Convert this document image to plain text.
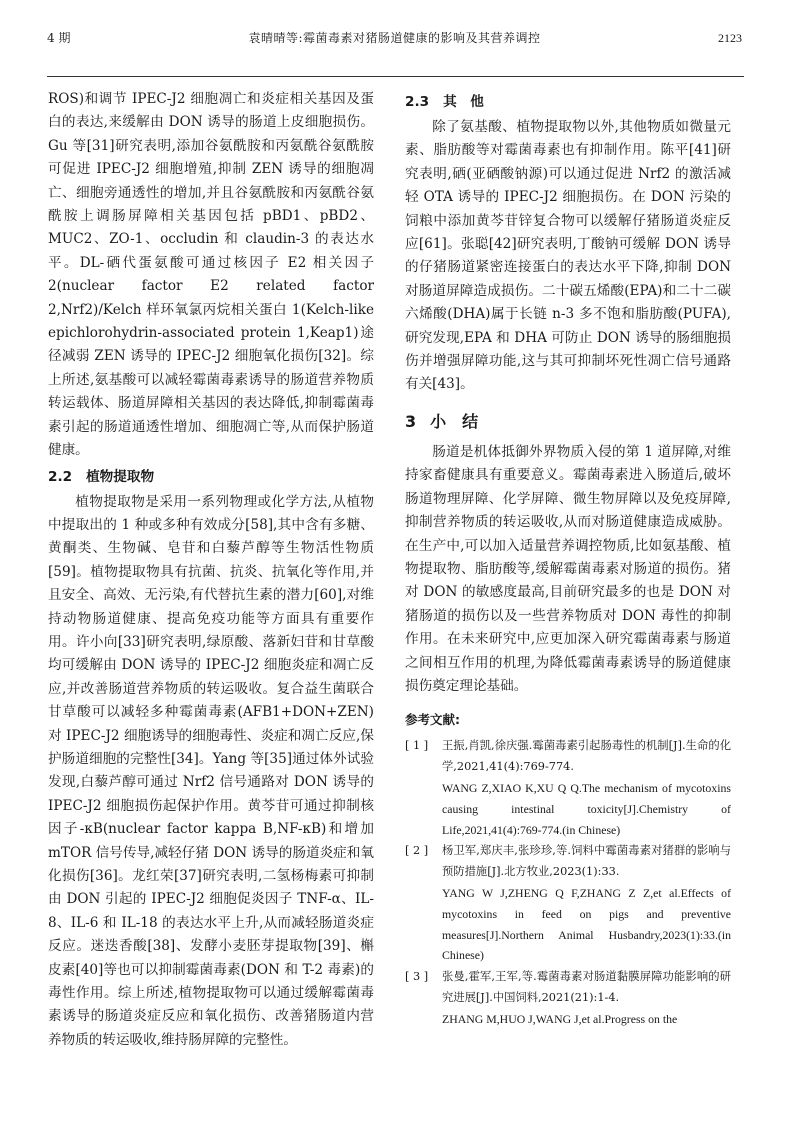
4 期	袁晴晴等:霉菌毒素对猪肠道健康的影响及其营养调控	2123

ROS)和调节 IPEC-J2 细胞凋亡和炎症相关基因及蛋白的表达,来缓解由 DON 诱导的肠道上皮细胞损伤。Gu 等[31]研究表明,添加谷氨酰胺和丙氨酰谷氨酰胺可促进 IPEC-J2 细胞增殖,抑制 ZEN 诱导的细胞凋亡、细胞旁通透性的增加,并且谷氨酰胺和丙氨酰谷氨酰胺上调肠屏障相关基因包括 pBD1、pBD2、MUC2、ZO-1、occludin 和 claudin-3 的表达水平。DL-硒代蛋氨酸可通过核因子 E2 相关因子 2(nuclear factor E2 related factor 2,Nrf2)/Kelch 样环氧氯丙烷相关蛋白 1(Kelch-like epichlorohydrin-associated protein 1,Keap1)途径减弱 ZEN 诱导的 IPEC-J2 细胞氧化损伤[32]。综上所述,氨基酸可以减轻霉菌毒素诱导的肠道营养物质转运载体、肠道屏障相关基因的表达降低,抑制霉菌毒素引起的肠道通透性增加、细胞凋亡等,从而保护肠道健康。

2.2 植物提取物

植物提取物是采用一系列物理或化学方法,从植物中提取出的 1 种或多种有效成分[58],其中含有多糖、黄酮类、生物碱、皂苷和白藜芦醇等生物活性物质[59]。植物提取物具有抗菌、抗炎、抗氧化等作用,并且安全、高效、无污染,有代替抗生素的潜力[60],对维持动物肠道健康、提高免疫功能等方面具有重要作用。许小向[33]研究表明,绿原酸、落新妇苷和甘草酸均可缓解由 DON 诱导的 IPEC-J2 细胞炎症和凋亡反应,并改善肠道营养物质的转运吸收。复合益生菌联合甘草酸可以减轻多种霉菌毒素(AFB1+DON+ZEN)对 IPEC-J2 细胞诱导的细胞毒性、炎症和凋亡反应,保护肠道细胞的完整性[34]。Yang 等[35]通过体外试验发现,白藜芦醇可通过 Nrf2 信号通路对 DON 诱导的 IPEC-J2 细胞损伤起保护作用。黄芩苷可通过抑制核因子-κB(nuclear factor kappa B,NF-κB)和增加 mTOR 信号传导,减轻仔猪 DON 诱导的肠道炎症和氧化损伤[36]。龙红荣[37]研究表明,二氢杨梅素可抑制由 DON 引起的 IPEC-J2 细胞促炎因子 TNF-α、IL-8、IL-6 和 IL-18 的表达水平上升,从而减轻肠道炎症反应。迷迭香酸[38]、发酵小麦胚芽提取物[39]、槲皮素[40]等也可以抑制霉菌毒素(DON 和 T-2 毒素)的毒性作用。综上所述,植物提取物可以通过缓解霉菌毒素诱导的肠道炎症反应和氧化损伤、改善猪肠道内营养物质的转运吸收,维持肠屏障的完整性。

2.3 其　他

除了氨基酸、植物提取物以外,其他物质如微量元素、脂肪酸等对霉菌毒素也有抑制作用。陈平[41]研究表明,硒(亚硒酸钠源)可以通过促进 Nrf2 的激活减轻 OTA 诱导的 IPEC-J2 细胞损伤。在 DON 污染的饲粮中添加黄芩苷锌复合物可以缓解仔猪肠道炎症反应[61]。张聪[42]研究表明,丁酸钠可缓解 DON 诱导的仔猪肠道紧密连接蛋白的表达水平下降,抑制 DON 对肠道屏障造成损伤。二十碳五烯酸(EPA)和二十二碳六烯酸(DHA)属于长链 n-3 多不饱和脂肪酸(PUFA),研究发现,EPA 和 DHA 可防止 DON 诱导的肠细胞损伤并增强屏障功能,这与其可抑制坏死性凋亡信号通路有关[43]。

3 小　结

肠道是机体抵御外界物质入侵的第 1 道屏障,对维持家畜健康具有重要意义。霉菌毒素进入肠道后,破坏肠道物理屏障、化学屏障、微生物屏障以及免疫屏障,抑制营养物质的转运吸收,从而对肠道健康造成威胁。在生产中,可以加入适量营养调控物质,比如氨基酸、植物提取物、脂肪酸等,缓解霉菌毒素对肠道的损伤。猪对 DON 的敏感度最高,目前研究最多的也是 DON 对猪肠道的损伤以及一些营养物质对 DON 毒性的抑制作用。在未来研究中,应更加深入研究霉菌毒素与肠道之间相互作用的机理,为降低霉菌毒素诱导的肠道健康损伤奠定理论基础。

参考文献:
[ 1 ] 王振,肖凯,徐庆强.霉菌毒素引起肠毒性的机制[J].生命的化学,2021,41(4):769-774.
WANG Z,XIAO K,XU Q Q.The mechanism of mycotoxins causing intestinal toxicity[J].Chemistry of Life,2021,41(4):769-774.(in Chinese)
[ 2 ] 杨卫军,郑庆丰,张珍珍,等.饲料中霉菌毒素对猪群的影响与预防措施[J].北方牧业,2023(1):33.
YANG W J,ZHENG Q F,ZHANG Z Z,et al.Effects of mycotoxins in feed on pigs and preventive measures[J].Northern Animal Husbandry,2023(1):33.(in Chinese)
[ 3 ] 张曼,霍军,王军,等.霉菌毒素对肠道黏膜屏障功能影响的研究进展[J].中国饲料,2021(21):1-4.
ZHANG M,HUO J,WANG J,et al.Progress on the
